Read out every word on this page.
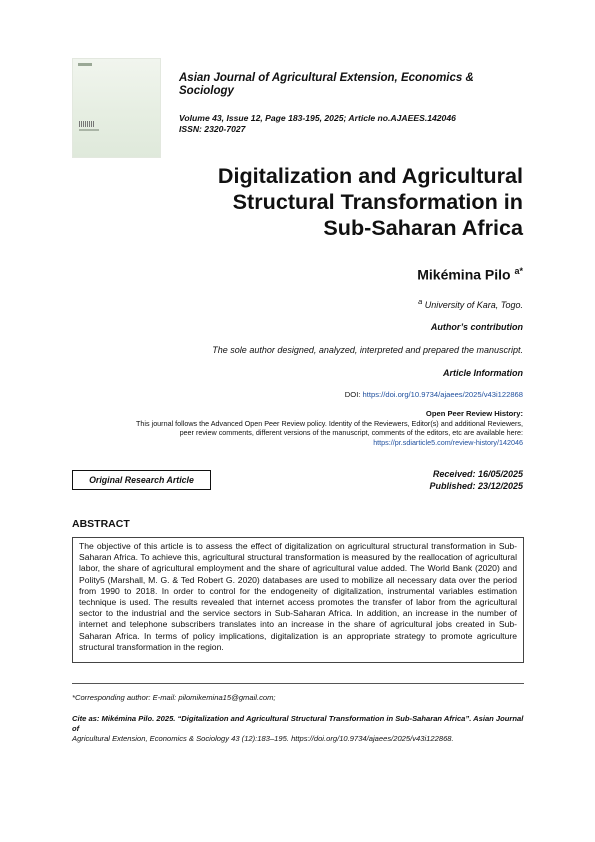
Asian Journal of Agricultural Extension, Economics & Sociology
Volume 43, Issue 12, Page 183-195, 2025; Article no.AJAEES.142046
ISSN: 2320-7027
Digitalization and Agricultural
Structural Transformation in
Sub-Saharan Africa
Mikémina Pilo $^{a*}$
$^a$ University of Kara, Togo.
Author’s contribution
The sole author designed, analyzed, interpreted and prepared the manuscript.
Article Information
DOI: https://doi.org/10.9734/ajaees/2025/v43i122868
Open Peer Review History:
This journal follows the Advanced Open Peer Review policy. Identity of the Reviewers, Editor(s) and additional Reviewers,
peer review comments, different versions of the manuscript, comments of the editors, etc are available here:
https://pr.sdiarticle5.com/review-history/142046
Original Research Article
Received: 16/05/2025
Published: 23/12/2025
ABSTRACT
The objective of this article is to assess the effect of digitalization on agricultural structural transformation in Sub-Saharan Africa. To achieve this, agricultural structural transformation is measured by the reallocation of agricultural labor, the share of agricultural employment and the share of agricultural value added. The World Bank (2020) and Polity5 (Marshall, M. G. & Ted Robert G. 2020) databases are used to mobilize all necessary data over the period from 1990 to 2018. In order to control for the endogeneity of digitalization, instrumental variables estimation technique is used. The results revealed that internet access promotes the transfer of labor from the agricultural sector to the industrial and the service sectors in Sub-Saharan Africa. In addition, an increase in the number of internet and telephone subscribers translates into an increase in the share of agricultural jobs created in Sub-Saharan Africa. In terms of policy implications, digitalization is an appropriate strategy to promote agriculture structural transformation in the region.
*Corresponding author: E-mail: pilomikemina15@gmail.com;
Cite as: Mikémina Pilo. 2025. “Digitalization and Agricultural Structural Transformation in Sub-Saharan Africa”. Asian Journal of
Agricultural Extension, Economics & Sociology 43 (12):183–195. https://doi.org/10.9734/ajaees/2025/v43i122868.
